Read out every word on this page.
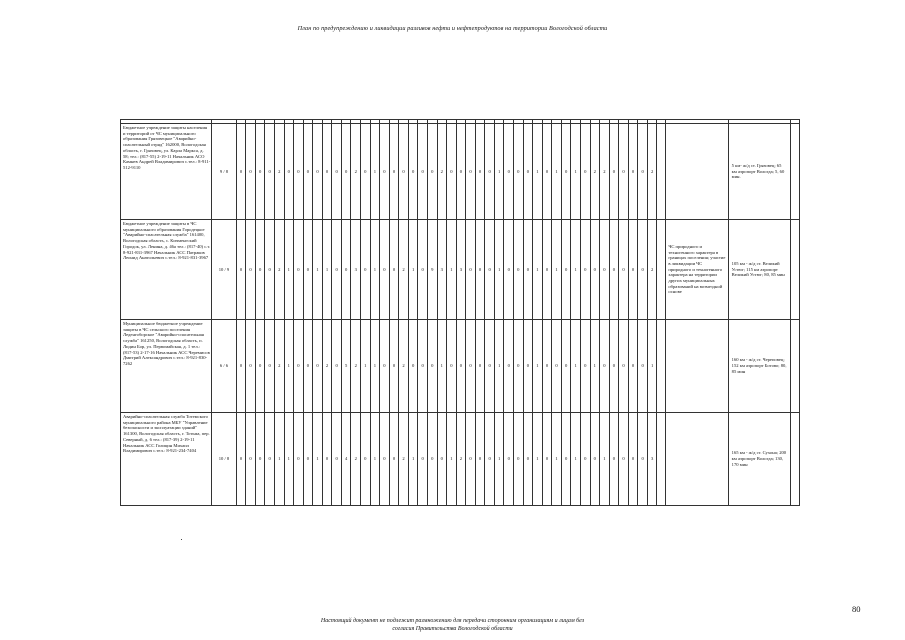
План по предупреждению и ликвидации разливов нефти и нефтепродуктов на территории Вологодской области

Бюджетное учреждение защиты населения и территорий от ЧС муниципального образования Грязовецкое "Аварийно-спасательный отряд" 162000, Вологодская область, г. Грязовец, ул. Карла Маркса, д. 58; тел.: (817-55) 2-19-11 Начальник АСО Камнев Андрей Владимирович с.тел.: 8-911-512-9110	9 / 8	0	0	0	0	2	0	0	0	0	0	0	0	2	0	1	0	0	0	0	0	0	2	0	0	0	0	0	1	0	0	0	1	0	1	0	1	0	2	2	0	0	0	0	2			5 км- ж/д ст. Грязовец; 65 км аэропорт Вологда; 5, 60 мин.	
Бюджетное учреждение защиты в ЧС муниципального образования Городецкое "Аварийно-спасательная служба" 161400, Вологодская область, с. Кичменгский Городок, ул. Ленина, д. 46а тел.: (817-40) с.т. 8-921-831-3967 Начальник АСС Патраков Леонид Анатольевич с.тел.: 8-921-831-3967	10 / 9	0	0	0	0	2	1	0	0	1	1	0	0	3	0	1	0	0	2	1	0	9	3	1	3	0	0	0	1	0	0	0	1	0	1	0	1	0	0	0	0	0	0	0	2		ЧС природного и техногенного характера в границах поселения; участие в ликвидации ЧС природного и техногенного характера на территории других муниципальных образований на возмездной основе	105 км - ж/д ст. Великий Устюг; 115 км аэропорт Великий Устюг; 80, 85 мин	
Муниципальное бюджетное учреждение защиты в ЧС сельского поселения Леденгоборское "Аварийно-спасательная служба" 161250, Вологодская область, п. Лидин Бор, ул. Первомайская, д. 1 тел.: (817-53) 2-17-16 Начальник АСС Черемисов Дмитрий Александрович с.тел.: 8-921-830-7262	6 / 6	0	0	0	0	2	1	0	0	0	2	0	5	2	1	1	0	0	2	0	0	0	1	0	0	0	0	0	1	0	0	0	1	0	0	0	1	0	1	0	0	0	0	0	1			160 км - ж/д ст. Череповец; 152 км аэропорт Ботово; 80, 85 мин	
Аварийно-спасательная служба Тотемского муниципального района МБУ "Управление безопасности и эксплуатации зданий" 161300, Вологодская область, г. Тотьма, пер. Северный, д. 6 тел.: (817-39) 2-19-11 Начальник АСС Голицин Михаил Владимирович с.тел.: 8-921-234-7404	10 / 8	0	0	0	0	1	1	0	0	1	0	0	4	2	0	1	0	0	2	1	0	0	0	1	2	0	0	0	1	0	0	0	1	0	1	0	1	0	0	1	0	0	0	0	3			165 км - ж/д ст. Сухона; 200 км аэропорт Вологда; 130, 170 мин	
80
Настоящий документ не подлежит размножению для передачи сторонним организациям и лицам без
согласия Правительства Вологодской области
